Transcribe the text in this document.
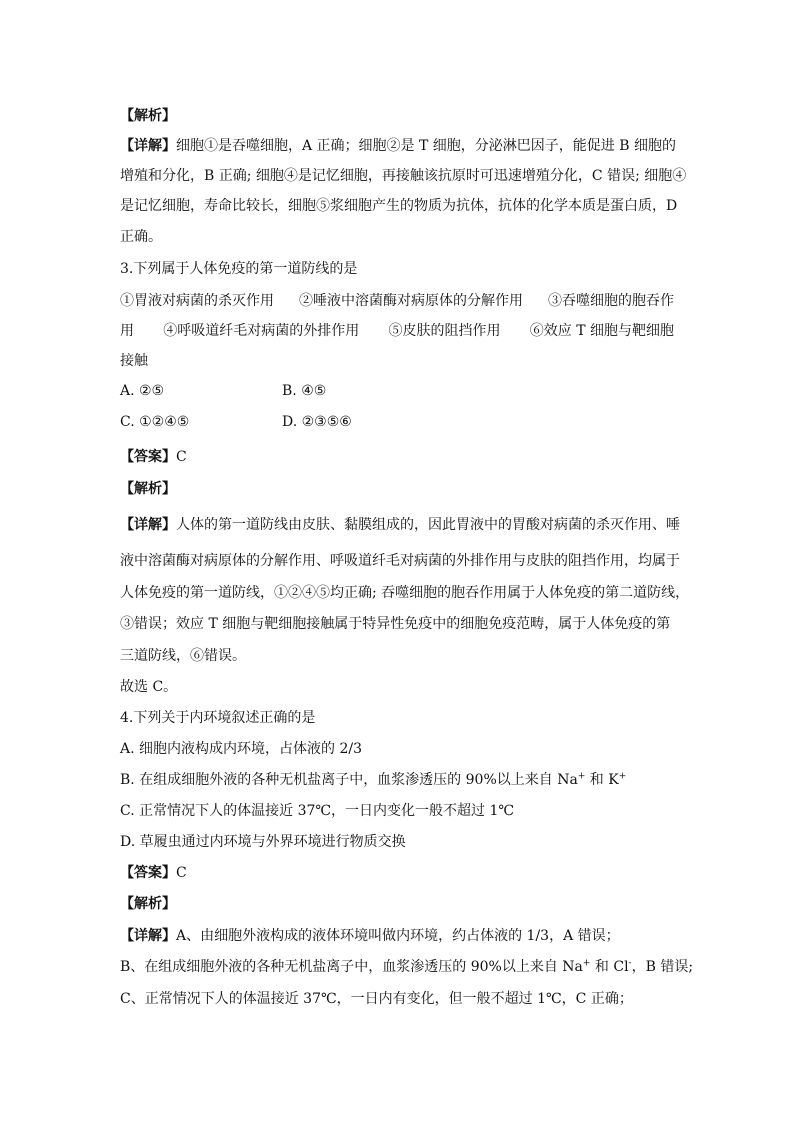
【解析】
【详解】细胞①是吞噬细胞，A 正确；细胞②是 T 细胞，分泌淋巴因子，能促进 B 细胞的
增殖和分化，B 正确; 细胞④是记忆细胞，再接触该抗原时可迅速增殖分化，C 错误; 细胞④
是记忆细胞，寿命比较长，细胞⑤浆细胞产生的物质为抗体，抗体的化学本质是蛋白质，D
正确。
3.下列属于人体免疫的第一道防线的是
①胃液对病菌的杀灭作用 ②唾液中溶菌酶对病原体的分解作用 ③吞噬细胞的胞吞作
用 ④呼吸道纤毛对病菌的外排作用 ⑤皮肤的阻挡作用 ⑥效应 T 细胞与靶细胞
接触
A. ②⑤	B. ④⑤
C. ①②④⑤	D. ②③⑤⑥
【答案】C
【解析】
【详解】人体的第一道防线由皮肤、黏膜组成的，因此胃液中的胃酸对病菌的杀灭作用、唾
液中溶菌酶对病原体的分解作用、呼吸道纤毛对病菌的外排作用与皮肤的阻挡作用，均属于
人体免疫的第一道防线，①②④⑤均正确; 吞噬细胞的胞吞作用属于人体免疫的第二道防线，
③错误；效应 T 细胞与靶细胞接触属于特异性免疫中的细胞免疫范畴，属于人体免疫的第
三道防线，⑥错误。
故选 C。
4.下列关于内环境叙述正确的是
A. 细胞内液构成内环境，占体液的 2/3
B. 在组成细胞外液的各种无机盐离子中，血浆渗透压的 90%以上来自 Na+ 和 K+
C. 正常情况下人的体温接近 37℃，一日内变化一般不超过 1℃
D. 草履虫通过内环境与外界环境进行物质交换
【答案】C
【解析】
【详解】A、由细胞外液构成的液体环境叫做内环境，约占体液的 1/3，A 错误；
B、在组成细胞外液的各种无机盐离子中，血浆渗透压的 90%以上来自 Na+ 和 Cl-，B 错误;
C、正常情况下人的体温接近 37℃，一日内有变化，但一般不超过 1℃，C 正确；
